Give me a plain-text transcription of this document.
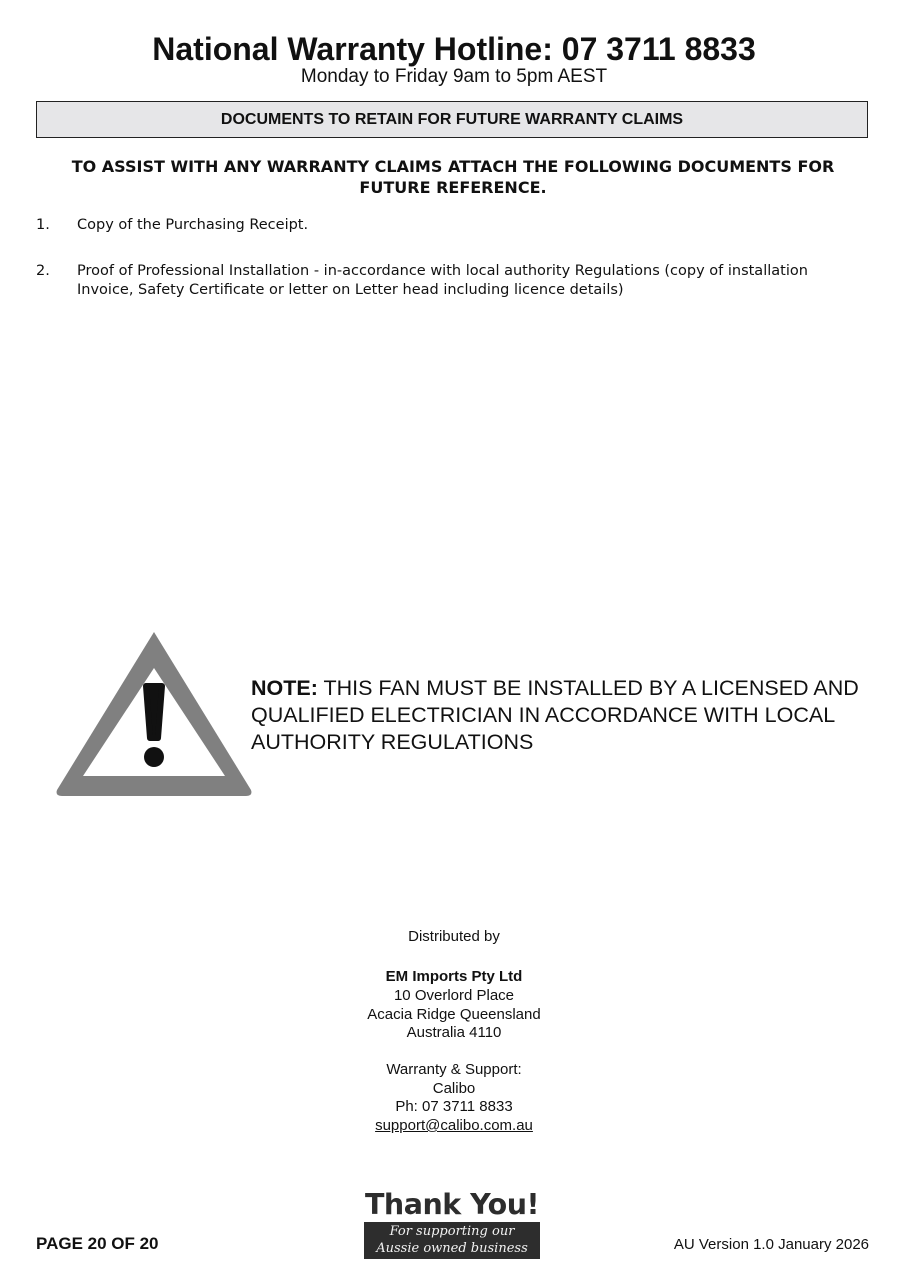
National Warranty Hotline: 07 3711 8833
Monday to Friday 9am to 5pm AEST
DOCUMENTS TO RETAIN FOR FUTURE WARRANTY CLAIMS
TO ASSIST WITH ANY WARRANTY CLAIMS ATTACH THE FOLLOWING DOCUMENTS FOR FUTURE REFERENCE.
1. Copy of the Purchasing Receipt.
2. Proof of Professional Installation - in-accordance with local authority Regulations (copy of installation Invoice, Safety Certificate or letter on Letter head including licence details)
NOTE: THIS FAN MUST BE INSTALLED BY A LICENSED AND QUALIFIED ELECTRICIAN IN ACCORDANCE WITH LOCAL AUTHORITY REGULATIONS
Distributed by
EM Imports Pty Ltd
10 Overlord Place
Acacia Ridge Queensland
Australia 4110
Warranty & Support:
Calibo
Ph: 07 3711 8833
support@calibo.com.au
Thank You!
For supporting our
Aussie owned business
PAGE 20 OF 20	AU Version 1.0 January 2026
